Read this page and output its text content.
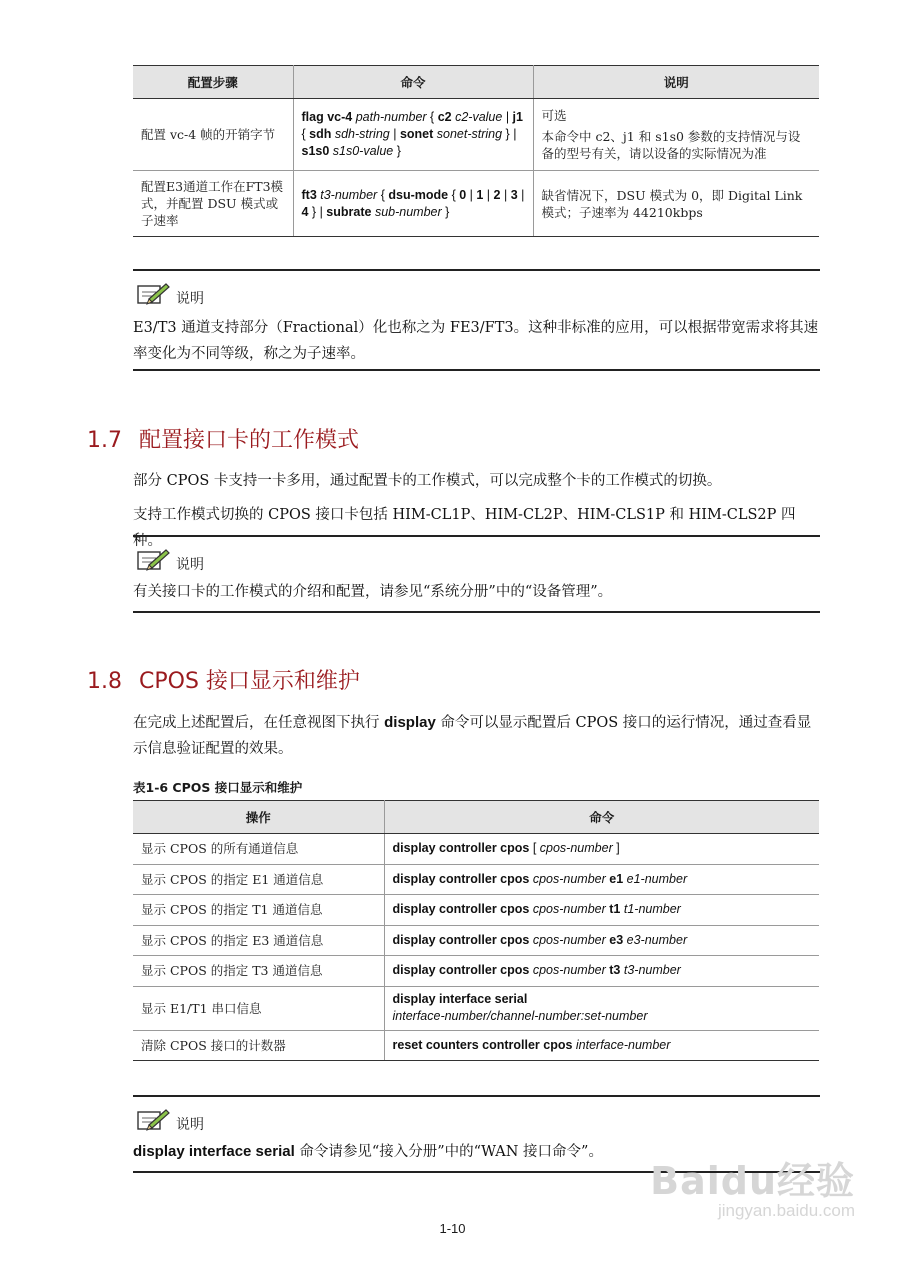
配置步骤	命令	说明
配置 vc-4 帧的开销字节	flag vc-4 path-number { c2 c2-value | j1 { sdh sdh-string | sonet sonet-string } | s1s0 s1s0-value }	可选
本命令中 c2、j1 和 s1s0 参数的支持情况与设备的型号有关，请以设备的实际情况为准

配置E3通道工作在FT3模式，并配置 DSU 模式或子速率	ft3 t3-number { dsu-mode { 0 | 1 | 2 | 3 | 4 } | subrate sub-number }	缺省情况下，DSU 模式为 0，即 Digital Link 模式；子速率为 44210kbps
说明
E3/T3 通道支持部分（Fractional）化也称之为 FE3/FT3。这种非标准的应用，可以根据带宽需求将其速率变化为不同等级，称之为子速率。
1.7 配置接口卡的工作模式
部分 CPOS 卡支持一卡多用，通过配置卡的工作模式，可以完成整个卡的工作模式的切换。
支持工作模式切换的 CPOS 接口卡包括 HIM-CL1P、HIM-CL2P、HIM-CLS1P 和 HIM-CLS2P 四种。
说明
有关接口卡的工作模式的介绍和配置，请参见“系统分册”中的“设备管理”。
1.8 CPOS 接口显示和维护
在完成上述配置后，在任意视图下执行 display 命令可以显示配置后 CPOS 接口的运行情况，通过查看显示信息验证配置的效果。
表1-6 CPOS 接口显示和维护
操作	命令
显示 CPOS 的所有通道信息	display controller cpos [ cpos-number ]
显示 CPOS 的指定 E1 通道信息	display controller cpos cpos-number e1 e1-number
显示 CPOS 的指定 T1 通道信息	display controller cpos cpos-number t1 t1-number
显示 CPOS 的指定 E3 通道信息	display controller cpos cpos-number e3 e3-number
显示 CPOS 的指定 T3 通道信息	display controller cpos cpos-number t3 t3-number
显示 E1/T1 串口信息	display interface serial
interface-number/channel-number:set-number
清除 CPOS 接口的计数器	reset counters controller cpos interface-number
说明
display interface serial 命令请参见“接入分册”中的“WAN 接口命令”。
1-10
Baidu经验
jingyan.baidu.com
